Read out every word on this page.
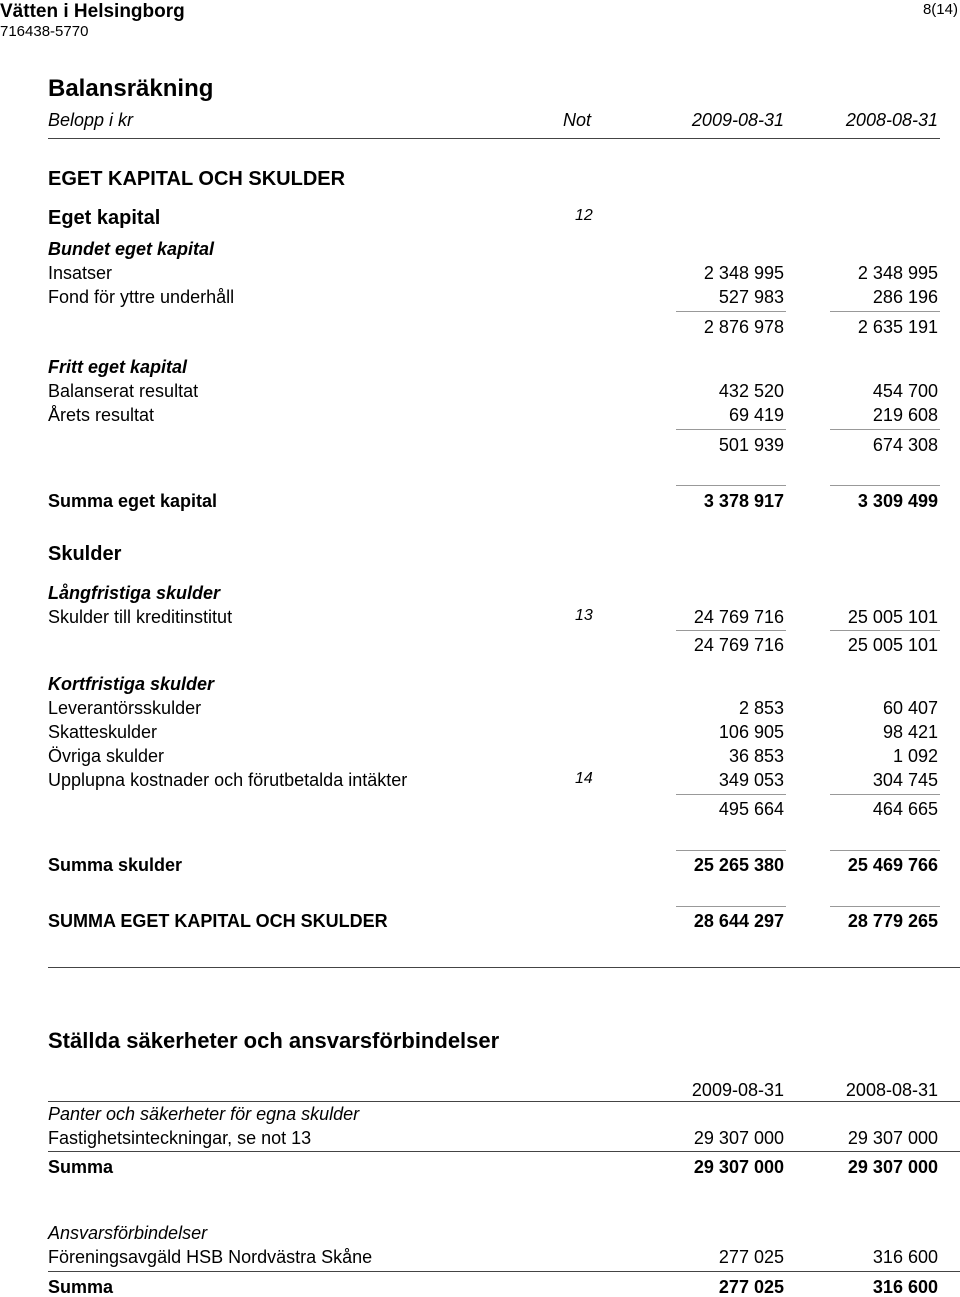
Vätten i Helsingborg
716438-5770
8(14)
Balansräkning
Belopp i kr	Not	2009-08-31	2008-08-31
EGET KAPITAL OCH SKULDER
Eget kapital	12
Bundet eget kapital
Insatser	2 348 995	2 348 995
Fond för yttre underhåll	527 983	286 196
2 876 978	2 635 191
Fritt eget kapital
Balanserat resultat	432 520	454 700
Årets resultat	69 419	219 608
501 939	674 308
Summa eget kapital	3 378 917	3 309 499
Skulder
Långfristiga skulder
Skulder till kreditinstitut	13	24 769 716	25 005 101
24 769 716	25 005 101
Kortfristiga skulder
Leverantörsskulder	2 853	60 407
Skatteskulder	106 905	98 421
Övriga skulder	36 853	1 092
Upplupna kostnader och förutbetalda intäkter	14	349 053	304 745
495 664	464 665
Summa skulder	25 265 380	25 469 766
SUMMA EGET KAPITAL OCH SKULDER	28 644 297	28 779 265
Ställda säkerheter och ansvarsförbindelser
2009-08-31	2008-08-31
Panter och säkerheter för egna skulder
Fastighetsinteckningar, se not 13	29 307 000	29 307 000
Summa	29 307 000	29 307 000
Ansvarsförbindelser
Föreningsavgäld HSB Nordvästra Skåne	277 025	316 600
Summa	277 025	316 600
